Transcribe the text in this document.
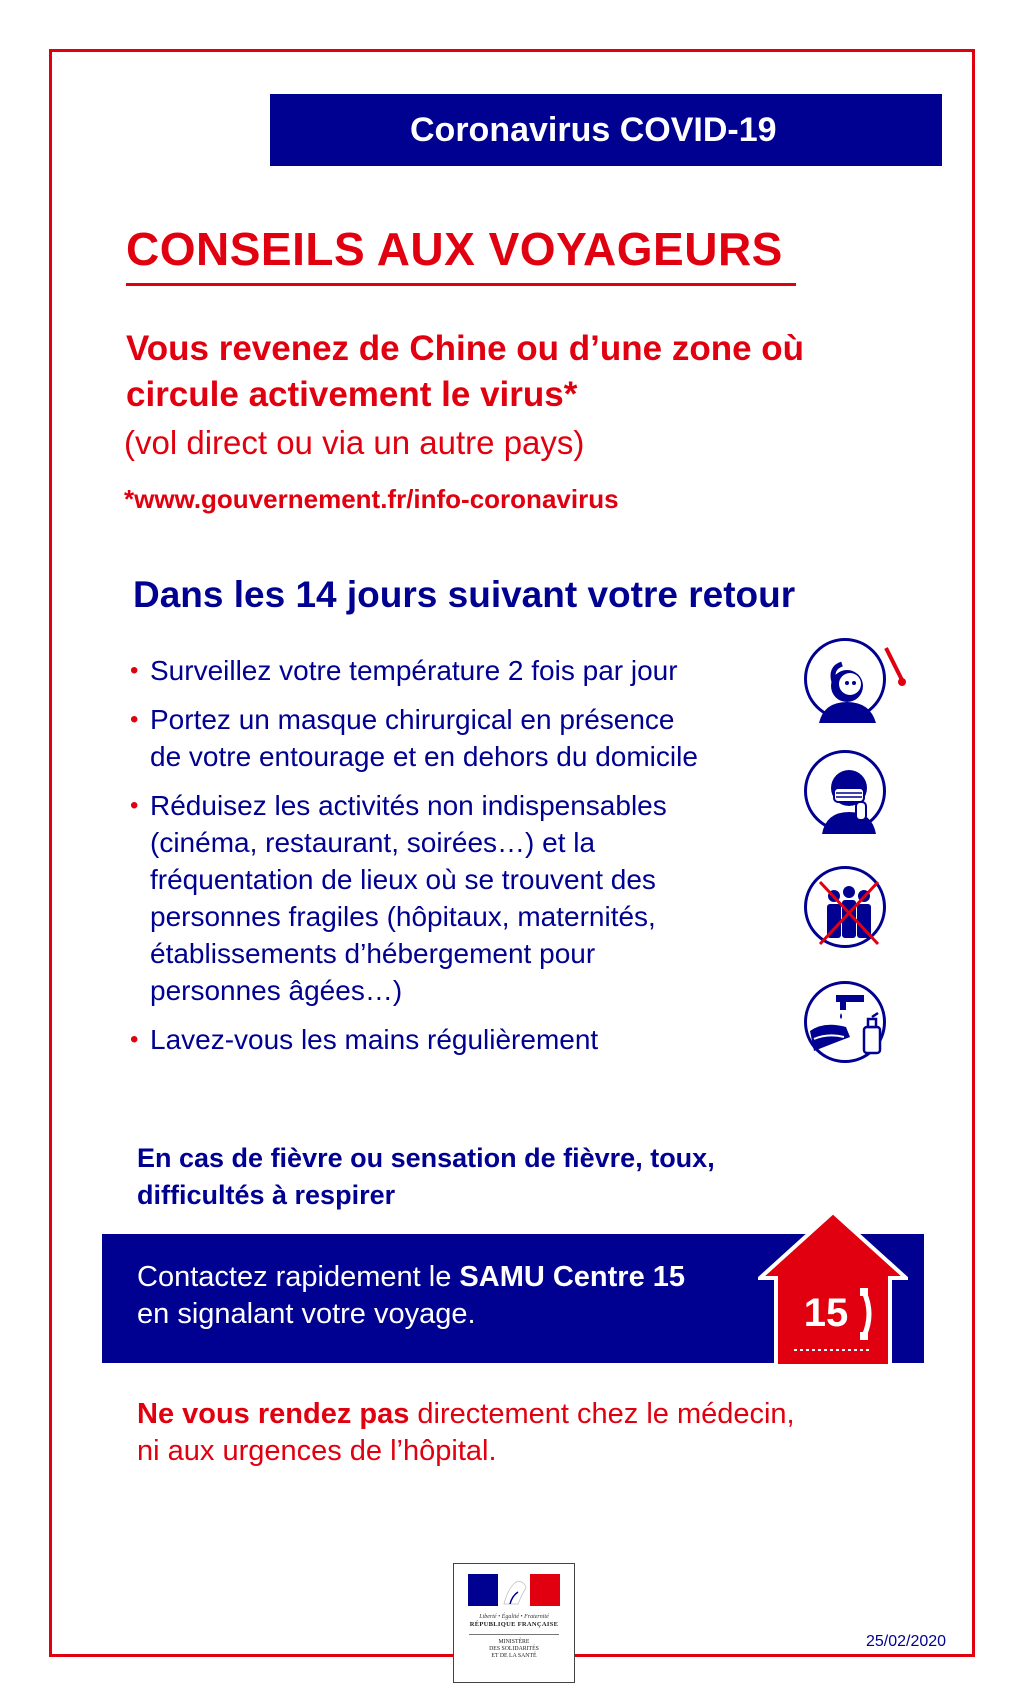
Coronavirus COVID-19
CONSEILS AUX VOYAGEURS
Vous revenez de Chine ou d’une zone où
circule activement le virus*
(vol direct ou via un autre pays)
*www.gouvernement.fr/info-coronavirus
Dans les 14 jours suivant votre retour
• Surveillez votre température 2 fois par jour
• Portez un masque chirurgical en présence
de votre entourage et en dehors du domicile
• Réduisez les activités non indispensables
(cinéma, restaurant, soirées…) et la
fréquentation de lieux où se trouvent des
personnes fragiles (hôpitaux, maternités,
établissements d’hébergement pour
personnes âgées…)
• Lavez-vous les mains régulièrement
En cas de fièvre ou sensation de fièvre, toux,
difficultés à respirer
Contactez rapidement le SAMU Centre 15
en signalant votre voyage.	15
Ne vous rendez pas directement chez le médecin,
ni aux urgences de l’hôpital.
Liberté • Égalité • Fraternité
RÉPUBLIQUE FRANÇAISE
MINISTÈRE
DES SOLIDARITÉS
ET DE LA SANTÉ
25/02/2020
